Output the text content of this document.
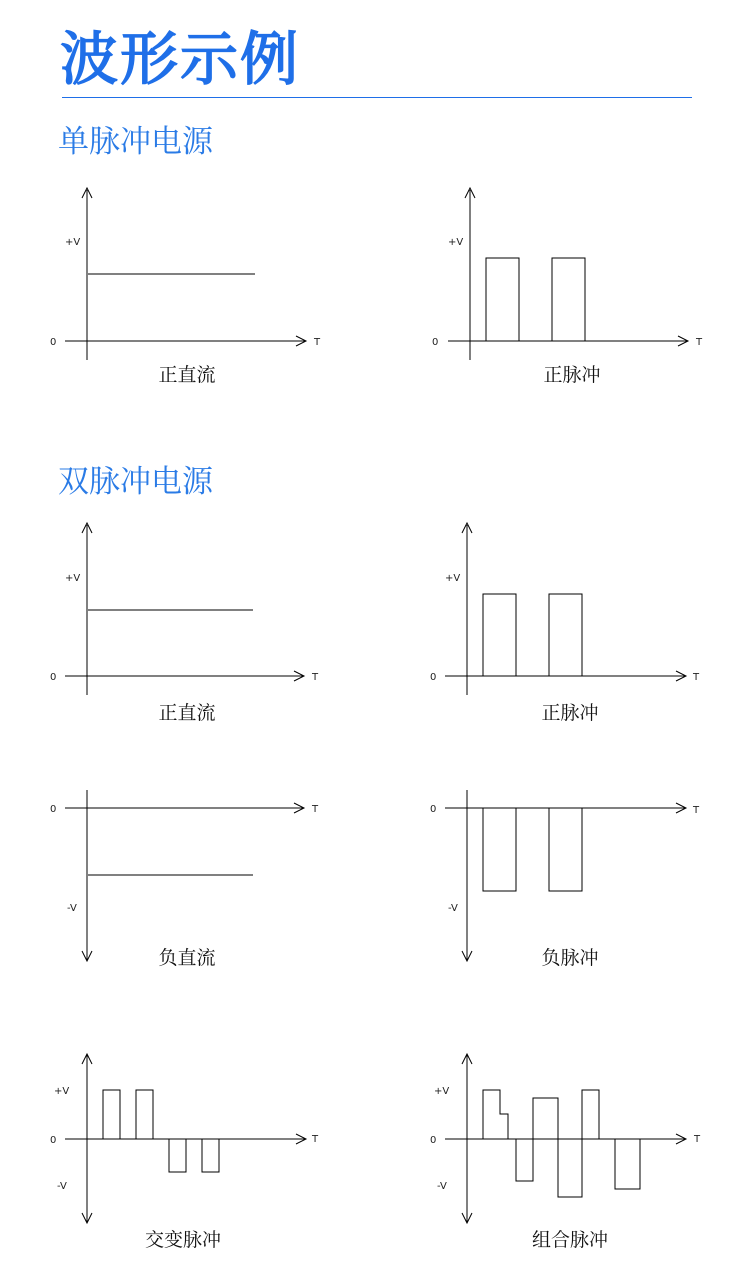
波形示例
单脉冲电源
+V
0	T
正直流
+V
0	T
正脉冲
双脉冲电源
+V
0	T
正直流
+V
0	T
正脉冲
0	T
-V
负直流
0	T
-V
负脉冲
+V
0	T
-V
交变脉冲
+V
0	T
-V
组合脉冲
